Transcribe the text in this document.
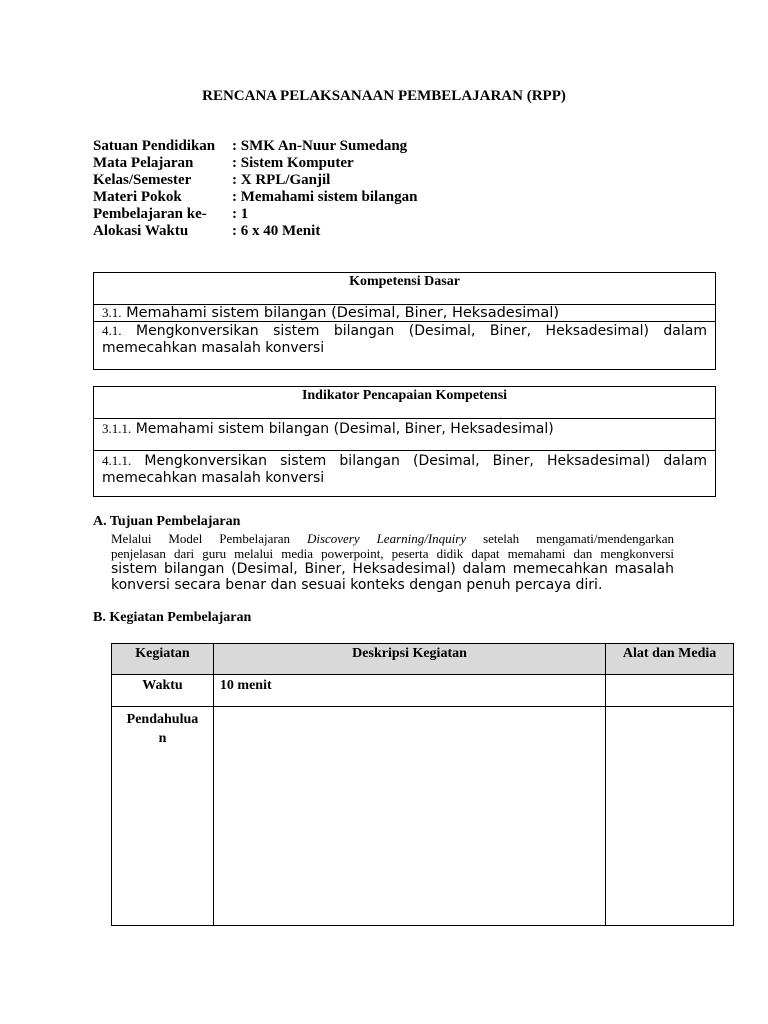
RENCANA PELAKSANAAN PEMBELAJARAN (RPP)
Satuan Pendidikan	: SMK An-Nuur Sumedang
Mata Pelajaran	: Sistem Komputer
Kelas/Semester	: X RPL/Ganjil
Materi Pokok	: Memahami sistem bilangan
Pembelajaran ke-	: 1
Alokasi Waktu	: 6 x 40 Menit
Kompetensi Dasar
3.1. Memahami sistem bilangan (Desimal, Biner, Heksadesimal)
4.1. Mengkonversikan sistem bilangan (Desimal, Biner, Heksadesimal) dalam
memecahkan masalah konversi
Indikator Pencapaian Kompetensi
3.1.1. Memahami sistem bilangan (Desimal, Biner, Heksadesimal)
4.1.1. Mengkonversikan sistem bilangan (Desimal, Biner, Heksadesimal) dalam
memecahkan masalah konversi
A. Tujuan Pembelajaran
Melalui Model Pembelajaran Discovery Learning/Inquiry setelah mengamati/mendengarkan
penjelasan dari guru melalui media powerpoint, peserta didik dapat memahami dan mengkonversi
sistem bilangan (Desimal, Biner, Heksadesimal) dalam memecahkan masalah
konversi secara benar dan sesuai konteks dengan penuh percaya diri.
B. Kegiatan Pembelajaran
Kegiatan	Deskripsi Kegiatan	Alat dan Media
Waktu	10 menit	

Pendahulua
n		
